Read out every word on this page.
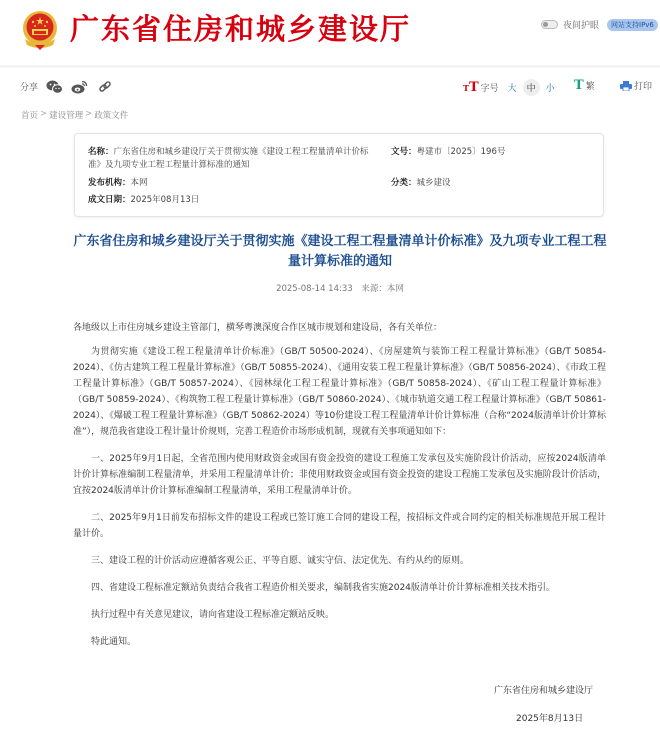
广东省住房和城乡建设厅	夜间护眼	网站支持IPv6
分享	TT 字号 大	中	小 T 繁	打印
首页 > 建设管理 > 政策文件
名称：广东省住房和城乡建设厅关于贯彻实施《建设工程工程量清单计价标准》及九项专业工程工程量计算标准的通知
文号：粤建市〔2025〕196号
发布机构：本网	分类：城乡建设
成文日期：2025年08月13日
广东省住房和城乡建设厅关于贯彻实施《建设工程工程量清单计价标准》及九项专业工程工程量计算标准的通知
2025-08-14 14:33 来源：本网

各地级以上市住房城乡建设主管部门，横琴粤澳深度合作区城市规划和建设局，各有关单位：

为贯彻实施《建设工程工程量清单计价标准》（GB/T 50500-2024）、《房屋建筑与装饰工程工程量计算标准》（GB/T 50854-2024）、《仿古建筑工程工程量计算标准》（GB/T 50855-2024）、《通用安装工程工程量计算标准》（GB/T 50856-2024）、《市政工程工程量计算标准》（GB/T 50857-2024）、《园林绿化工程工程量计算标准》（GB/T 50858-2024）、《矿山工程工程量计算标准》（GB/T 50859-2024）、《构筑物工程工程量计算标准》（GB/T 50860-2024）、《城市轨道交通工程工程量计算标准》（GB/T 50861-2024）、《爆破工程工程量计算标准》（GB/T 50862-2024）等10份建设工程工程量清单计价计算标准（合称“2024版清单计价计算标准”），规范我省建设工程计量计价规则，完善工程造价市场形成机制，现就有关事项通知如下：

一、2025年9月1日起，全省范围内使用财政资金或国有资金投资的建设工程施工发承包及实施阶段计价活动，应按2024版清单计价计算标准编制工程量清单，并采用工程量清单计价；非使用财政资金或国有资金投资的建设工程施工发承包及实施阶段计价活动，宜按2024版清单计价计算标准编制工程量清单，采用工程量清单计价。

二、2025年9月1日前发布招标文件的建设工程或已签订施工合同的建设工程，按招标文件或合同约定的相关标准规范开展工程计量计价。

三、建设工程的计价活动应遵循客观公正、平等自愿、诚实守信、法定优先、有约从约的原则。

四、省建设工程标准定额站负责结合我省工程造价相关要求，编制我省实施2024版清单计价计算标准相关技术指引。

执行过程中有关意见建议，请向省建设工程标准定额站反映。

特此通知。

广东省住房和城乡建设厅
2025年8月13日
